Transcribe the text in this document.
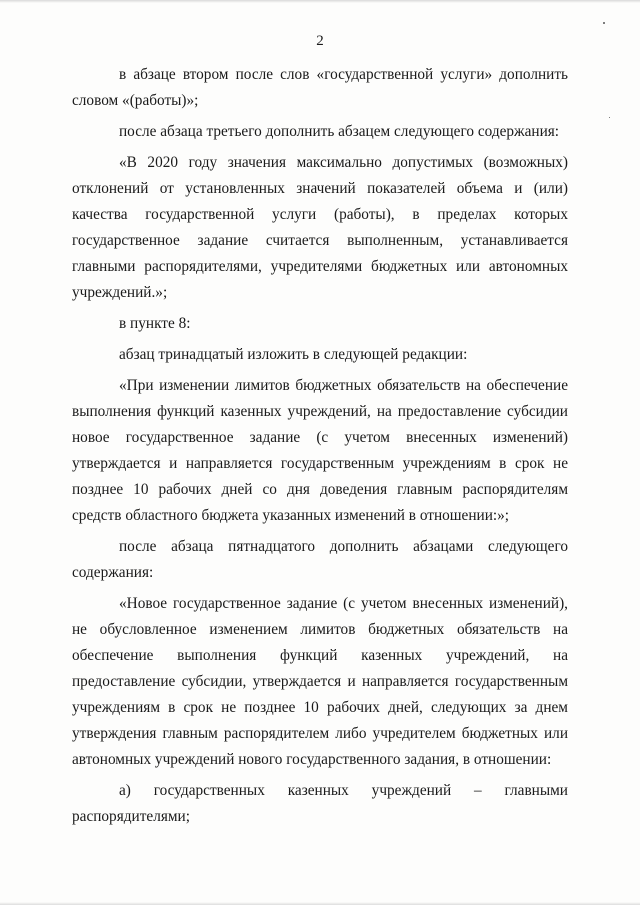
2

в абзаце втором после слов «государственной услуги» дополнить словом «(работы)»;

после абзаца третьего дополнить абзацем следующего содержания:

«В 2020 году значения максимально допустимых (возможных) отклонений от установленных значений показателей объема и (или) качества государственной услуги (работы), в пределах которых государственное задание считается выполненным, устанавливается главными распорядителями, учредителями бюджетных или автономных учреждений.»;

в пункте 8:

абзац тринадцатый изложить в следующей редакции:

«При изменении лимитов бюджетных обязательств на обеспечение выполнения функций казенных учреждений, на предоставление субсидии новое государственное задание (с учетом внесенных изменений) утверждается и направляется государственным учреждениям в срок не позднее 10 рабочих дней со дня доведения главным распорядителям средств областного бюджета указанных изменений в отношении:»;

после абзаца пятнадцатого дополнить абзацами следующего содержания:

«Новое государственное задание (с учетом внесенных изменений), не обусловленное изменением лимитов бюджетных обязательств на обеспечение выполнения функций казенных учреждений, на предоставление субсидии, утверждается и направляется государственным учреждениям в срок не позднее 10 рабочих дней, следующих за днем утверждения главным распорядителем либо учредителем бюджетных или автономных учреждений нового государственного задания, в отношении:

а) государственных казенных учреждений – главными распорядителями;
